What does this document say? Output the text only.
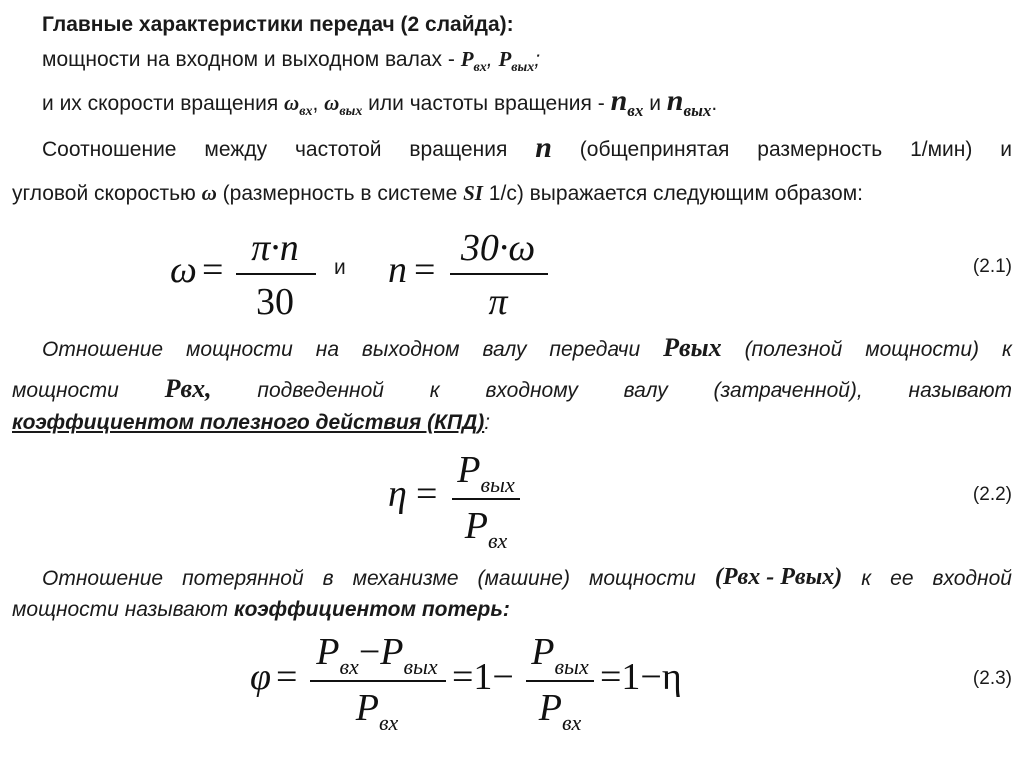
Главные характеристики передач (2 слайда):
мощности на входном и выходном валах - $P_{вх}$, $P_{вых}$;
и их скорости вращения $\omega_{вх}$, $\omega_{вых}$ или частоты вращения - $n_{вх}$ и $n_{вых}$.
Соотношение между частотой вращения n (общепринятая размерность 1/мин) и
угловой скоростью ω (размерность в системе SI 1/с) выражается следующим образом:
ω =
π·n
30
и n =
30·ω
π
(2.1)
Отношение мощности на выходном валу передачи Pвых (полезной мощности) к
мощности Pвх, подведенной к входному валу (затраченной), называют
коэффициентом полезного действия (КПД):
η =
$P_{вых}$
$P_{вх}$
(2.2)
Отношение потерянной в механизме (машине) мощности (Pвх - Pвых) к ее входной
мощности называют коэффициентом потерь:
φ =
$P_{вх}-P_{вых}$
$P_{вх}$
=1−
$P_{вых}$
$P_{вх}$
=1−η	(2.3)
